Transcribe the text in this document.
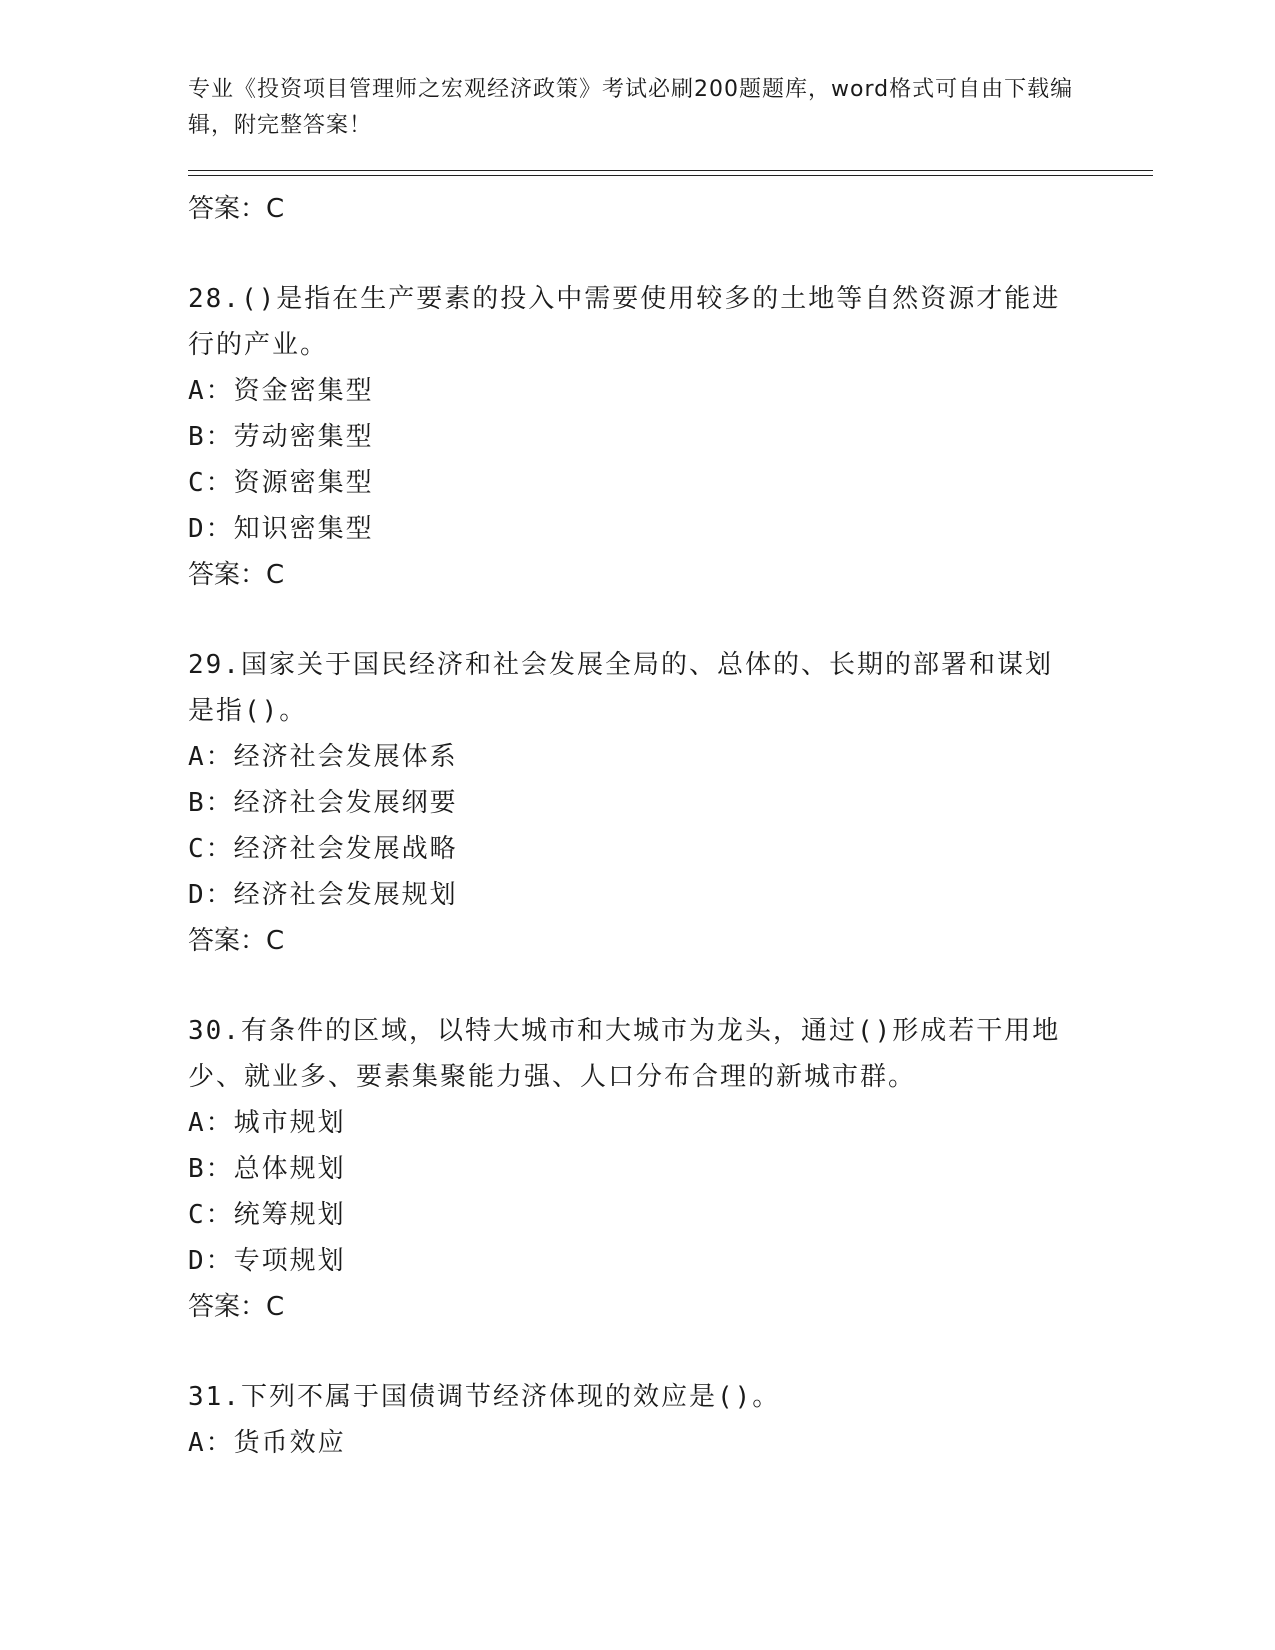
专业《投资项目管理师之宏观经济政策》考试必刷200题题库，word格式可自由下载编辑，附完整答案！
答案：C
28.()是指在生产要素的投入中需要使用较多的土地等自然资源才能进行的产业。
A：资金密集型
B：劳动密集型
C：资源密集型
D：知识密集型
答案：C
29.国家关于国民经济和社会发展全局的、总体的、长期的部署和谋划是指()。
A：经济社会发展体系
B：经济社会发展纲要
C：经济社会发展战略
D：经济社会发展规划
答案：C
30.有条件的区域，以特大城市和大城市为龙头，通过()形成若干用地少、就业多、要素集聚能力强、人口分布合理的新城市群。
A：城市规划
B：总体规划
C：统筹规划
D：专项规划
答案：C
31.下列不属于国债调节经济体现的效应是()。
A：货币效应
